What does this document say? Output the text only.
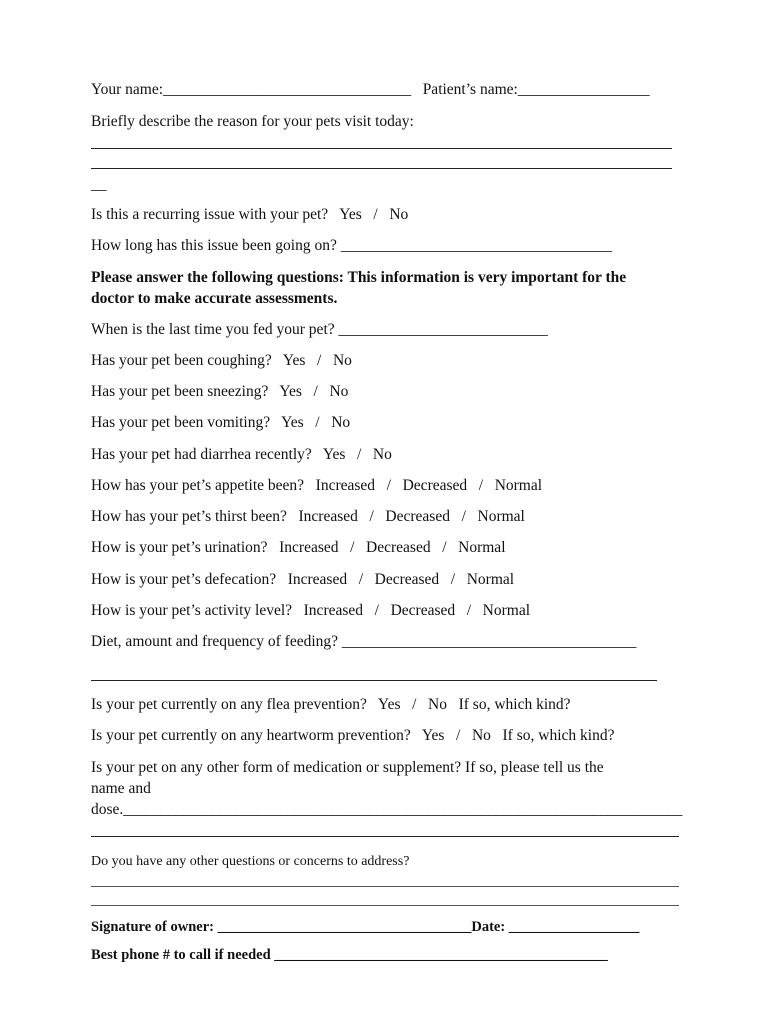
Your name:________________________________ Patient’s name:_________________
Briefly describe the reason for your pets visit today:
__
Is this a recurring issue with your pet?   Yes   /   No
How long has this issue been going on? ___________________________________
Please answer the following questions: This information is very important for the
doctor to make accurate assessments.
When is the last time you fed your pet? ___________________________
Has your pet been coughing?   Yes   /   No
Has your pet been sneezing?   Yes   /   No
Has your pet been vomiting?   Yes   /   No
Has your pet had diarrhea recently?   Yes   /   No
How has your pet’s appetite been?   Increased   /   Decreased   /   Normal
How has your pet’s thirst been?   Increased   /   Decreased   /   Normal
How is your pet’s urination?   Increased   /   Decreased   /   Normal
How is your pet’s defecation?   Increased   /   Decreased   /   Normal
How is your pet’s activity level?   Increased   /   Decreased   /   Normal
Diet, amount and frequency of feeding? ______________________________________
Is your pet currently on any flea prevention?   Yes   /   No   If so, which kind?
Is your pet currently on any heartworm prevention?   Yes   /   No   If so, which kind?
Is your pet on any other form of medication or supplement? If so, please tell us the
name and
dose.___________________________________________________________________________
Do you have any other questions or concerns to address?
Signature of owner: ___________________________________Date: __________________
Best phone # to call if needed ______________________________________________
